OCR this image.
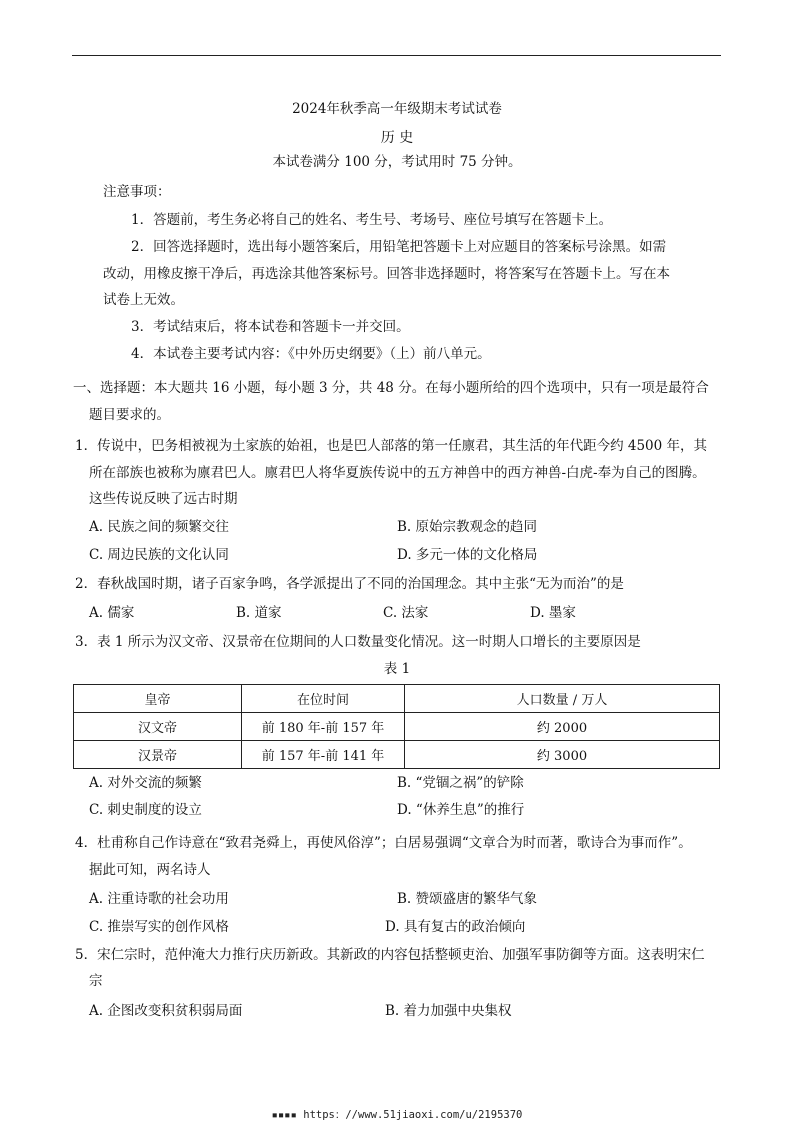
2024年秋季高一年级期末考试试卷
历 史
本试卷满分 100 分，考试用时 75 分钟。
注意事项：
1．答题前，考生务必将自己的姓名、考生号、考场号、座位号填写在答题卡上。
2．回答选择题时，选出每小题答案后，用铅笔把答题卡上对应题目的答案标号涂黑。如需
改动，用橡皮擦干净后，再选涂其他答案标号。回答非选择题时，将答案写在答题卡上。写在本
试卷上无效。
3．考试结束后，将本试卷和答题卡一并交回。
4．本试卷主要考试内容：《中外历史纲要》（上）前八单元。
一、选择题：本大题共 16 小题，每小题 3 分，共 48 分。在每小题所给的四个选项中，只有一项是最符合
题目要求的。
1．传说中，巴务相被视为土家族的始祖，也是巴人部落的第一任廪君，其生活的年代距今约 4500 年，其
所在部族也被称为廪君巴人。廪君巴人将华夏族传说中的五方神兽中的西方神兽-白虎-奉为自己的图腾。
这些传说反映了远古时期
A. 民族之间的频繁交往	B. 原始宗教观念的趋同
C. 周边民族的文化认同	D. 多元一体的文化格局
2．春秋战国时期，诸子百家争鸣，各学派提出了不同的治国理念。其中主张“无为而治”的是
A. 儒家	B. 道家	C. 法家	D. 墨家
3．表 1 所示为汉文帝、汉景帝在位期间的人口数量变化情况。这一时期人口增长的主要原因是
表 1
皇帝	在位时间	人口数量 / 万人
汉文帝	前 180 年-前 157 年	约 2000
汉景帝	前 157 年-前 141 年	约 3000
A. 对外交流的频繁	B. “党锢之祸”的铲除
C. 刺史制度的设立	D. “休养生息”的推行
4．杜甫称自己作诗意在“致君尧舜上，再使风俗淳”；白居易强调“文章合为时而著，歌诗合为事而作”。
据此可知，两名诗人
A. 注重诗歌的社会功用	B. 赞颂盛唐的繁华气象
C. 推崇写实的创作风格	D. 具有复古的政治倾向
5．宋仁宗时，范仲淹大力推行庆历新政。其新政的内容包括整顿吏治、加强军事防御等方面。这表明宋仁
宗
A. 企图改变积贫积弱局面	B. 着力加强中央集权
▪▪▪▪ https：//www.51jiaoxi.com/u/2195370
